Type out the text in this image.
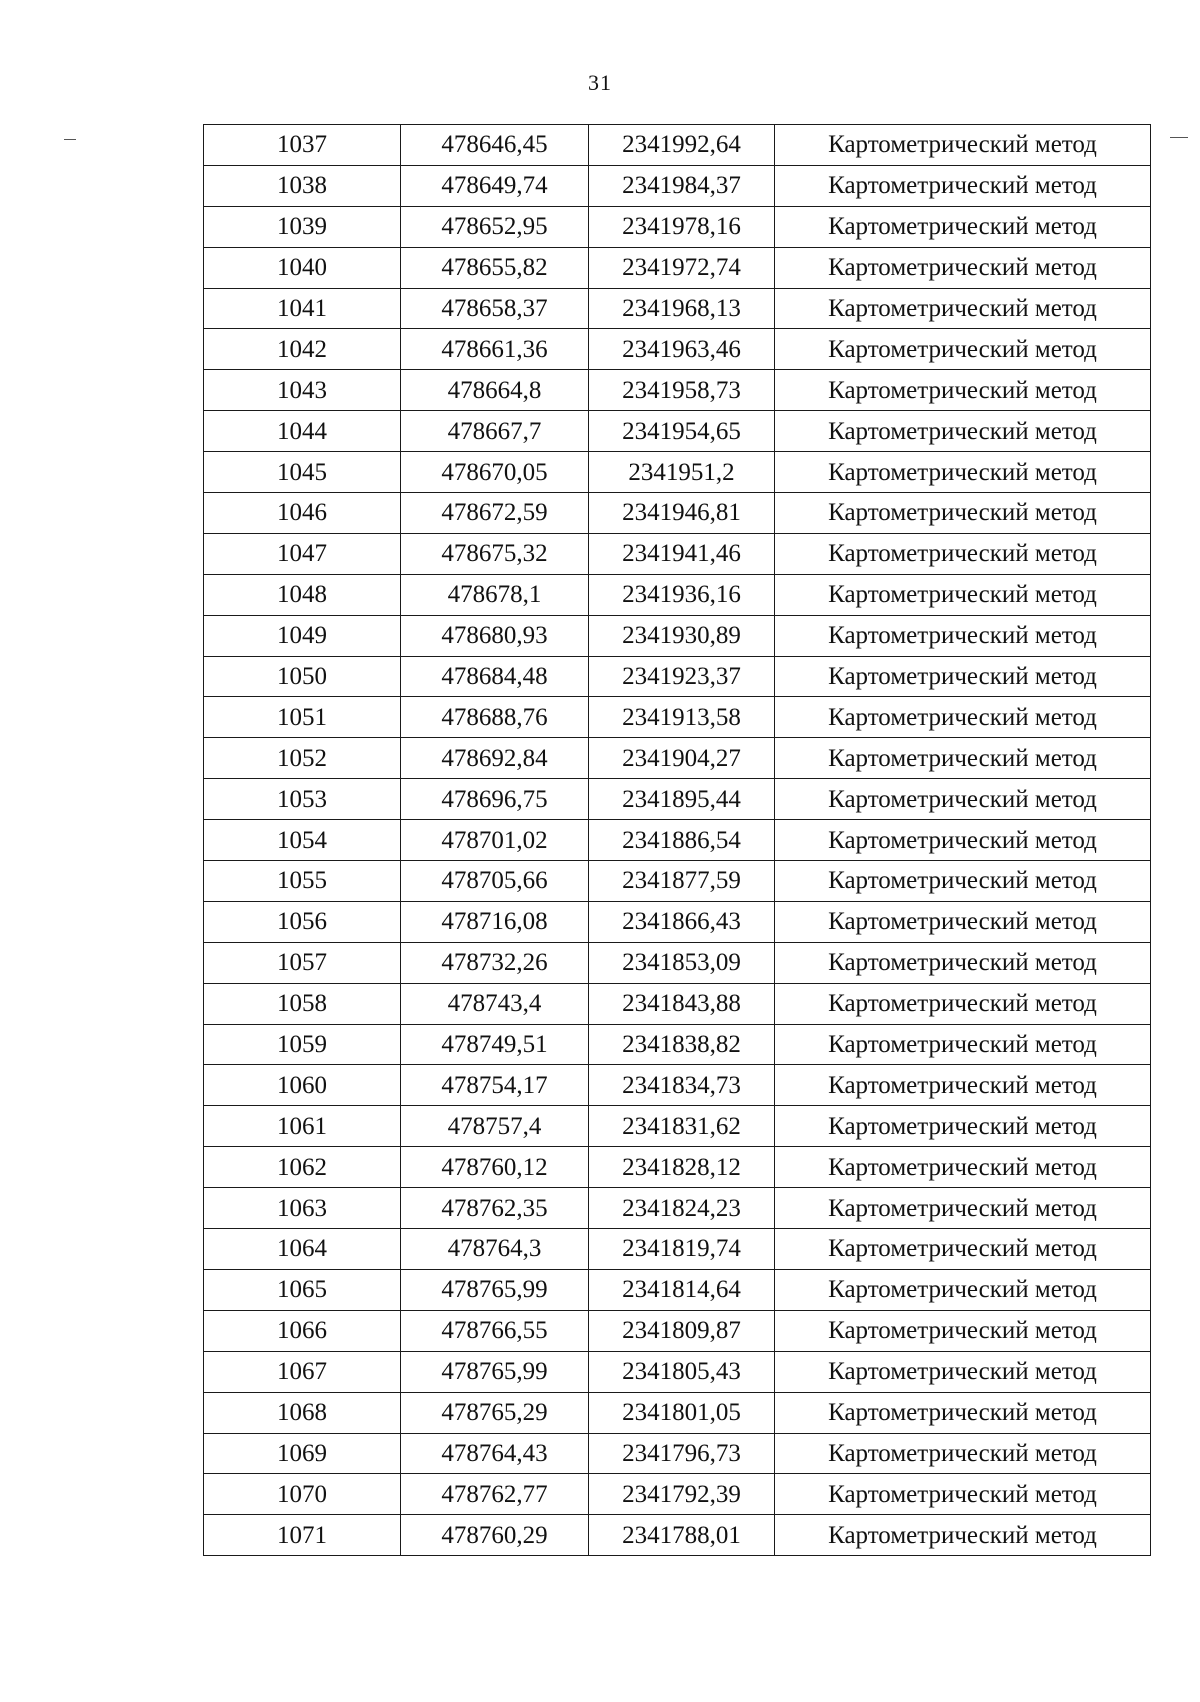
31
1037	478646,45	2341992,64	Картометрический метод
1038	478649,74	2341984,37	Картометрический метод
1039	478652,95	2341978,16	Картометрический метод
1040	478655,82	2341972,74	Картометрический метод
1041	478658,37	2341968,13	Картометрический метод
1042	478661,36	2341963,46	Картометрический метод
1043	478664,8	2341958,73	Картометрический метод
1044	478667,7	2341954,65	Картометрический метод
1045	478670,05	2341951,2	Картометрический метод
1046	478672,59	2341946,81	Картометрический метод
1047	478675,32	2341941,46	Картометрический метод
1048	478678,1	2341936,16	Картометрический метод
1049	478680,93	2341930,89	Картометрический метод
1050	478684,48	2341923,37	Картометрический метод
1051	478688,76	2341913,58	Картометрический метод
1052	478692,84	2341904,27	Картометрический метод
1053	478696,75	2341895,44	Картометрический метод
1054	478701,02	2341886,54	Картометрический метод
1055	478705,66	2341877,59	Картометрический метод
1056	478716,08	2341866,43	Картометрический метод
1057	478732,26	2341853,09	Картометрический метод
1058	478743,4	2341843,88	Картометрический метод
1059	478749,51	2341838,82	Картометрический метод
1060	478754,17	2341834,73	Картометрический метод
1061	478757,4	2341831,62	Картометрический метод
1062	478760,12	2341828,12	Картометрический метод
1063	478762,35	2341824,23	Картометрический метод
1064	478764,3	2341819,74	Картометрический метод
1065	478765,99	2341814,64	Картометрический метод
1066	478766,55	2341809,87	Картометрический метод
1067	478765,99	2341805,43	Картометрический метод
1068	478765,29	2341801,05	Картометрический метод
1069	478764,43	2341796,73	Картометрический метод
1070	478762,77	2341792,39	Картометрический метод
1071	478760,29	2341788,01	Картометрический метод
